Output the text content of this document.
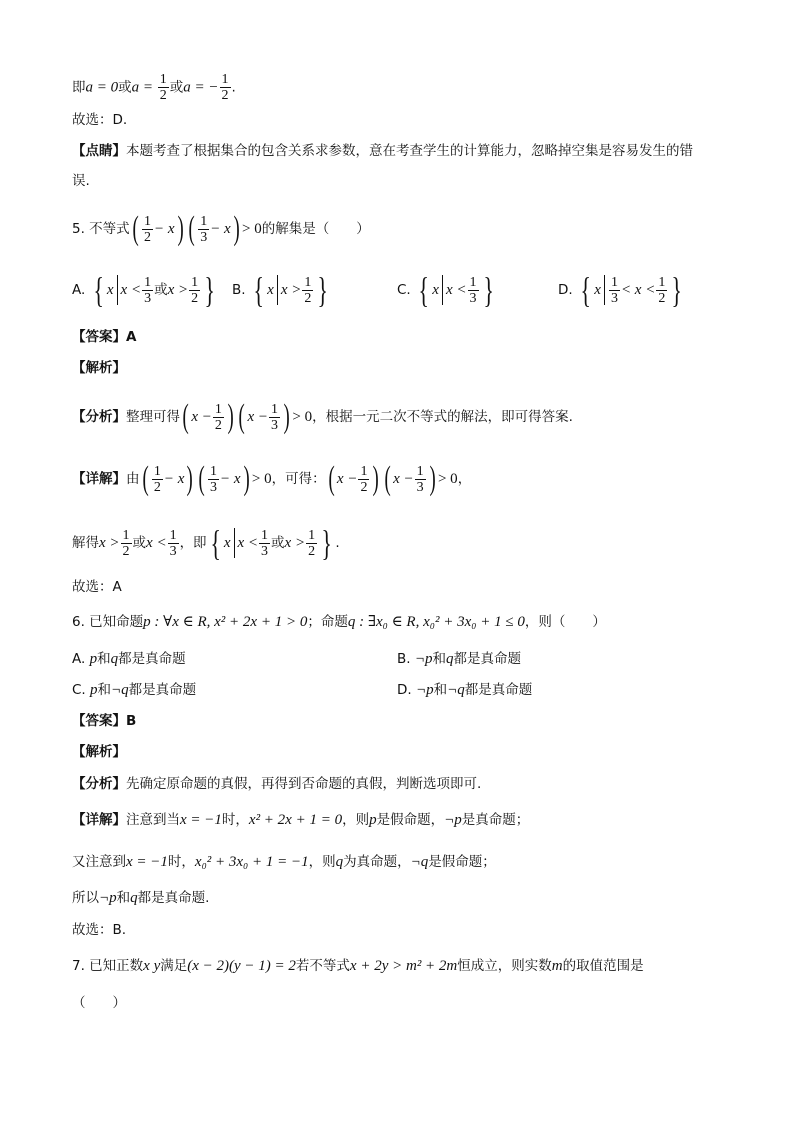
即a = 0或$a = \frac{1}{2}$ 或a = − $\frac{1}{2}$ .
故选：D.
【点睛】本题考查了根据集合的包含关系求参数，意在考查学生的计算能力，忽略掉空集是容易发生的错
误.
5. 不等式( $\frac{1}{2} - x$) ( $\frac{1}{3} - x) > 0$的解集是（　　）
A. { x $x < \frac{1}{3}$ 或$x > \frac{1}{2}$ } B. { x $x > \frac{1}{2}$ }	C. { x $x < \frac{1}{3}$ }	D. { x $\frac{1}{3} < x < \frac{1}{2}$ }
【答案】A
【解析】
【分析】整理可得( $x - \frac{1}{2}$ ) ( $x - \frac{1}{3}$ ) > 0，根据一元二次不等式的解法，即可得答案.
【详解】由( $\frac{1}{2} - x$) ( $\frac{1}{3} - x) > 0$，可得：( $x - \frac{1}{2}$ ) ( $x - \frac{1}{3}$ ) > 0，
解得$x > \frac{1}{2}$ 或$x < \frac{1}{3}$ ，即{ x $x < \frac{1}{3}$ 或$x > \frac{1}{2}$ } .
故选：A
6. 已知命题p : ∀x ∈ R, x² + 2x + 1 > 0；命题q : ∃x₀ ∈ R, x₀² + 3x₀ + 1 ≤ 0，则（　　）
A. p和q都是真命题	B. ¬p和q都是真命题
C. p和¬q都是真命题	D. ¬p和¬q都是真命题
【答案】B
【解析】
【分析】先确定原命题的真假，再得到否命题的真假，判断选项即可.
【详解】注意到当x = −1时，x² + 2x + 1 = 0，则p是假命题，¬p是真命题；
又注意到x = −1时，x₀² + 3x₀ + 1 = −1，则q为真命题，¬q是假命题；
所以¬p和q都是真命题.
故选：B.
7. 已知正数x y满足(x − 2)(y − 1) = 2若不等式x + 2y > m² + 2m恒成立，则实数m的取值范围是
（　　）
